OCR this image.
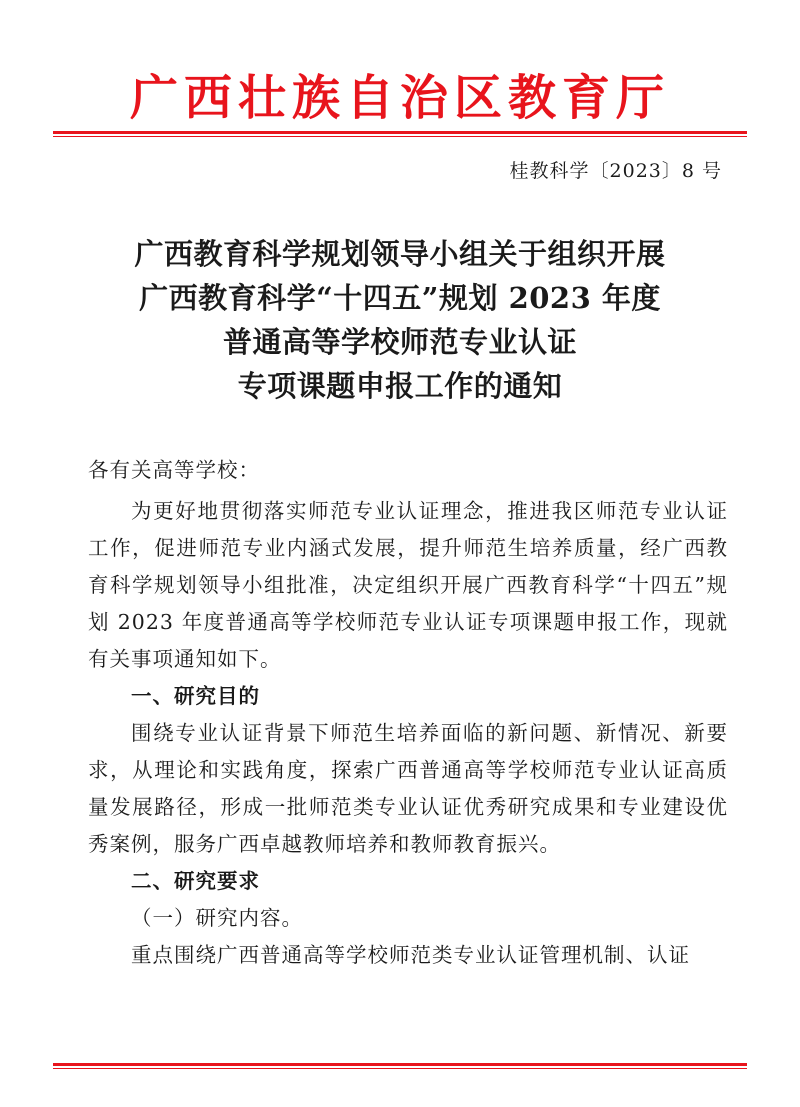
广西壮族自治区教育厅
桂教科学〔2023〕8 号
广西教育科学规划领导小组关于组织开展
广西教育科学“十四五”规划 2023 年度
普通高等学校师范专业认证
专项课题申报工作的通知

各有关高等学校：

为更好地贯彻落实师范专业认证理念，推进我区师范专业认证工作，促进师范专业内涵式发展，提升师范生培养质量，经广西教育科学规划领导小组批准，决定组织开展广西教育科学“十四五”规划 2023 年度普通高等学校师范专业认证专项课题申报工作，现就有关事项通知如下。

一、研究目的

围绕专业认证背景下师范生培养面临的新问题、新情况、新要求，从理论和实践角度，探索广西普通高等学校师范专业认证高质量发展路径，形成一批师范类专业认证优秀研究成果和专业建设优秀案例，服务广西卓越教师培养和教师教育振兴。

二、研究要求

（一）研究内容。

重点围绕广西普通高等学校师范类专业认证管理机制、认证
